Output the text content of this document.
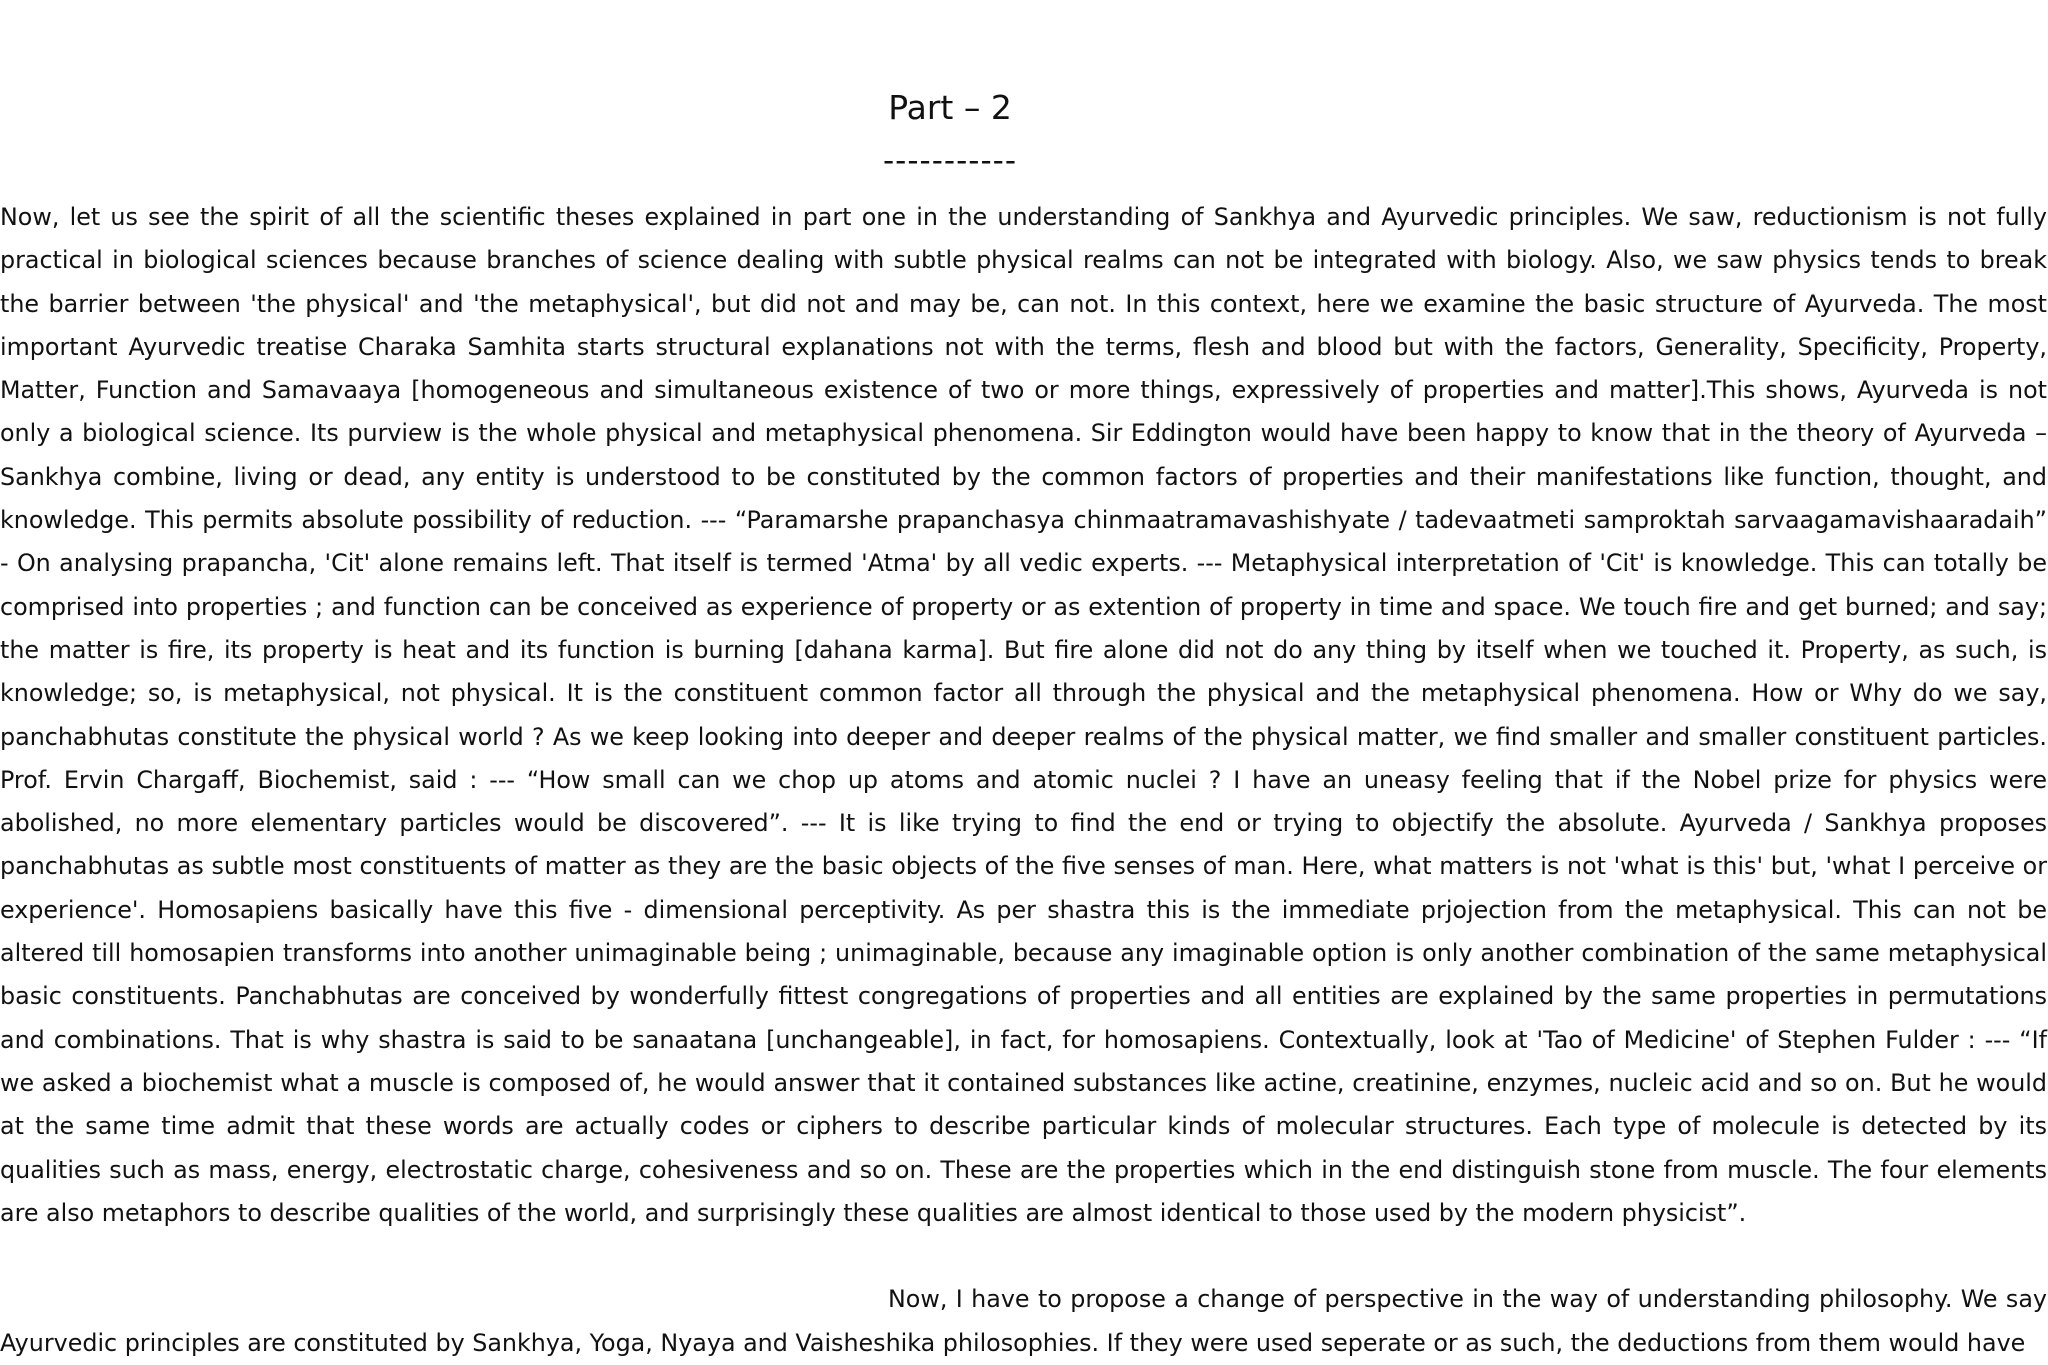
Part – 2
-----------

Now, let us see the spirit of all the scientific theses explained in part one in the understanding of Sankhya and Ayurvedic principles. We saw, reductionism is not fully practical in biological sciences because branches of science dealing with subtle physical realms can not be integrated with biology. Also, we saw physics tends to break the barrier between 'the physical' and 'the metaphysical', but did not and may be, can not. In this context, here we examine the basic structure of Ayurveda. The most important Ayurvedic treatise Charaka Samhita starts structural explanations not with the terms, flesh and blood but with the factors, Generality, Specificity, Property, Matter, Function and Samavaaya [homogeneous and simultaneous existence of two or more things, expressively of properties and matter].This shows, Ayurveda is not only a biological science. Its purview is the whole physical and metaphysical phenomena. Sir Eddington would have been happy to know that in the theory of Ayurveda – Sankhya combine, living or dead, any entity is understood to be constituted by the common factors of properties and their manifestations like function, thought, and knowledge. This permits absolute possibility of reduction. --- “Paramarshe prapanchasya chinmaatramavashishyate / tadevaatmeti samproktah sarvaagamavishaaradaih” - On analysing prapancha, 'Cit' alone remains left. That itself is termed 'Atma' by all vedic experts. --- Metaphysical interpretation of 'Cit' is knowledge. This can totally be comprised into properties ; and function can be conceived as experience of property or as extention of property in time and space. We touch fire and get burned; and say; the matter is fire, its property is heat and its function is burning [dahana karma]. But fire alone did not do any thing by itself when we touched it. Property, as such, is knowledge; so, is metaphysical, not physical. It is the constituent common factor all through the physical and the metaphysical phenomena. How or Why do we say, panchabhutas constitute the physical world ? As we keep looking into deeper and deeper realms of the physical matter, we find smaller and smaller constituent particles. Prof. Ervin Chargaff, Biochemist, said : --- “How small can we chop up atoms and atomic nuclei ? I have an uneasy feeling that if the Nobel prize for physics were abolished, no more elementary particles would be discovered”. --- It is like trying to find the end or trying to objectify the absolute. Ayurveda / Sankhya proposes panchabhutas as subtle most constituents of matter as they are the basic objects of the five senses of man. Here, what matters is not 'what is this' but, 'what I perceive or experience'. Homosapiens basically have this five - dimensional perceptivity. As per shastra this is the immediate prjojection from the metaphysical. This can not be altered till homosapien transforms into another unimaginable being ; unimaginable, because any imaginable option is only another combination of the same metaphysical basic constituents. Panchabhutas are conceived by wonderfully fittest congregations of properties and all entities are explained by the same properties in permutations and combinations. That is why shastra is said to be sanaatana [unchangeable], in fact, for homosapiens. Contextually, look at 'Tao of Medicine' of Stephen Fulder : --- “If we asked a biochemist what a muscle is composed of, he would answer that it contained substances like actine, creatinine, enzymes, nucleic acid and so on. But he would at the same time admit that these words are actually codes or ciphers to describe particular kinds of molecular structures. Each type of molecule is detected by its qualities such as mass, energy, electrostatic charge, cohesiveness and so on. These are the properties which in the end distinguish stone from muscle. The four elements are also metaphors to describe qualities of the world, and surprisingly these qualities are almost identical to those used by the modern physicist”.

Now, I have to propose a change of perspective in the way of understanding philosophy. We say Ayurvedic principles are constituted by Sankhya, Yoga, Nyaya and Vaisheshika philosophies. If they were used seperate or as such, the deductions from them would have
